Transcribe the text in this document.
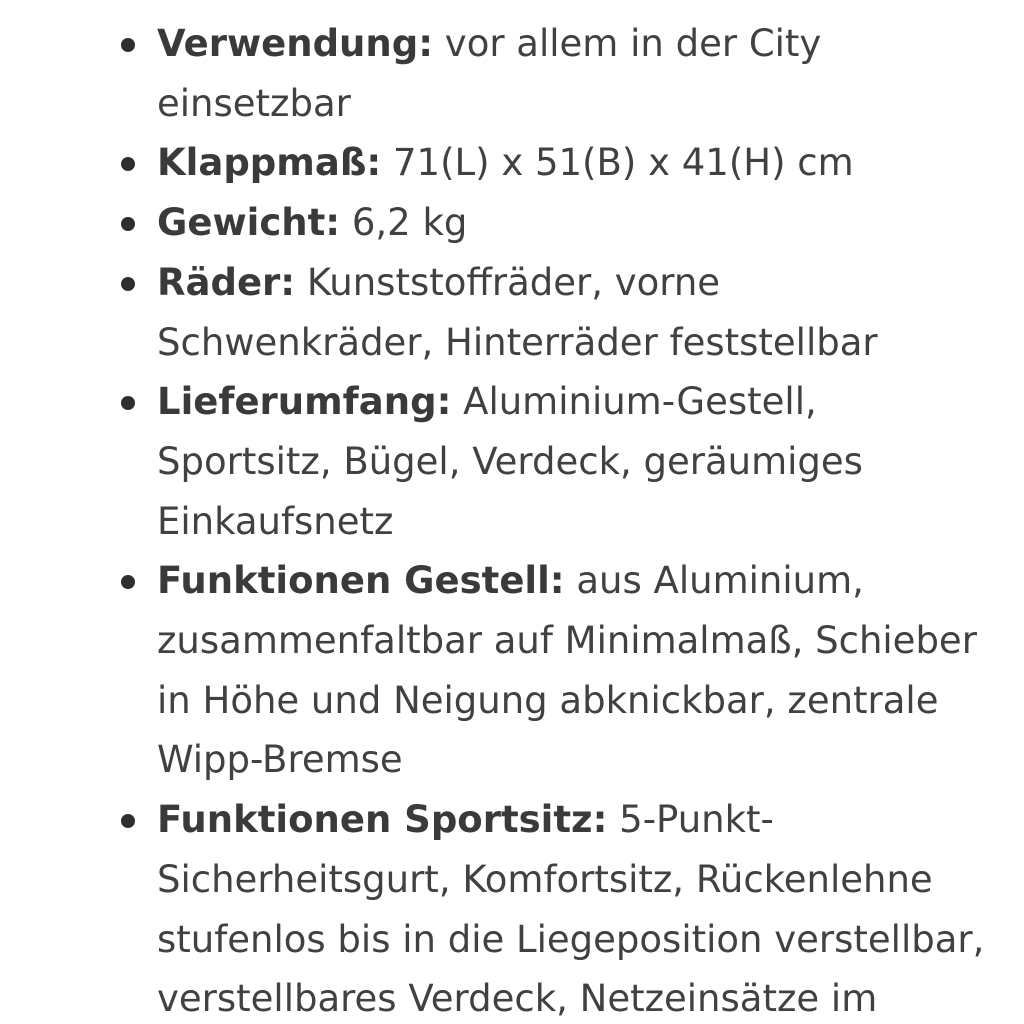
Verwendung: vor allem in der City einsetzbar
Klappmaß: 71(L) x 51(B) x 41(H) cm
Gewicht: 6,2 kg
Räder: Kunststoffräder, vorne Schwenkräder, Hinterräder feststellbar
Lieferumfang: Aluminium-Gestell, Sportsitz, Bügel, Verdeck, geräumiges Einkaufsnetz
Funktionen Gestell: aus Aluminium, zusammenfaltbar auf Minimalmaß, Schieber in Höhe und Neigung abknickbar, zentrale Wipp-Bremse
Funktionen Sportsitz: 5-Punkt-Sicherheitsgurt, Komfortsitz, Rückenlehne stufenlos bis in die Liegeposition verstellbar, verstellbares Verdeck, Netzeinsätze im
